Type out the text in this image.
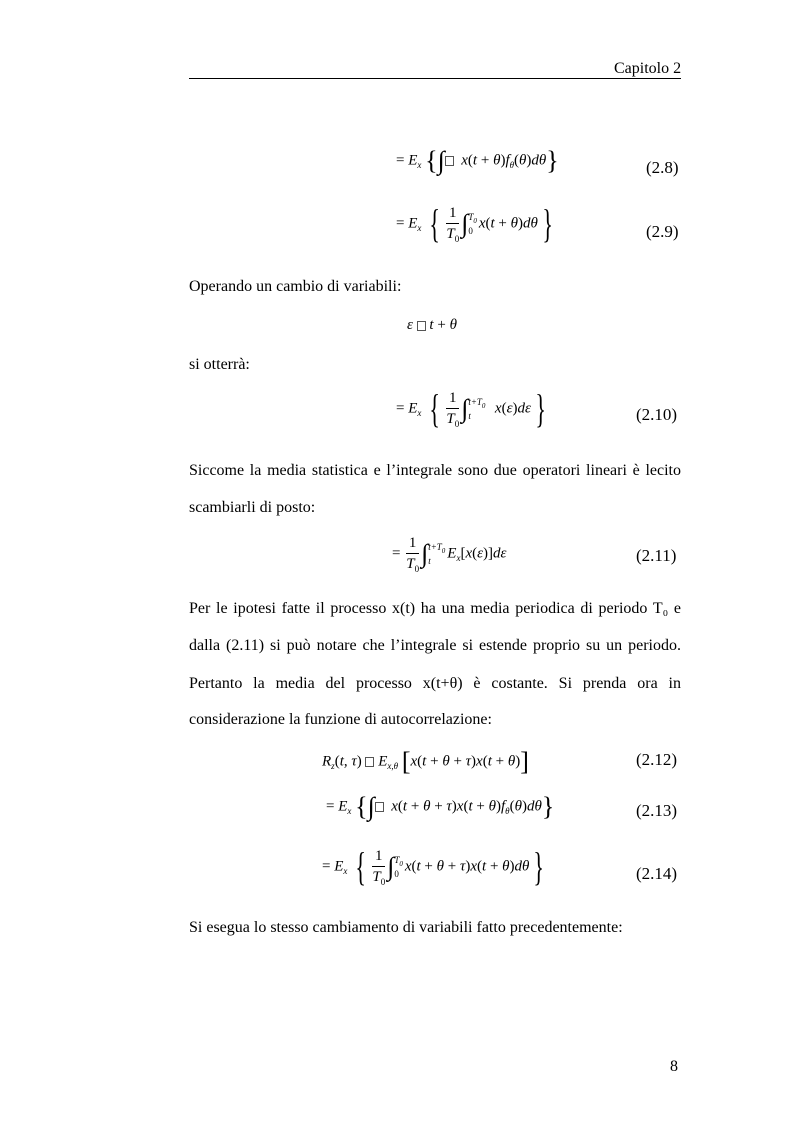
Capitolo 2
= $E_x$ {∫ $x(t + \theta)f_\theta(\theta)d\theta$}	(2.8)
= $E_x$ { $\frac{1}{T_0}$ ∫ $T_0$
0 x(t + θ)dθ }	(2.9)
Operando un cambio di variabili:
ε t + θ
si otterrà:
= $E_x$ { $\frac{1}{T_0}$ ∫ $t+T_0$
t	x(ε)dε }	(2.10)
Siccome la media statistica e l’integrale sono due operatori lineari è lecito
scambiarli di posto:
= $\frac{1}{T_0}$ ∫ $t+T_0$
t	$E_x[x(\varepsilon)]d\varepsilon$	(2.11)
Per le ipotesi fatte il processo x(t) ha una media periodica di periodo T₀ e
dalla (2.11) si può notare che l’integrale si estende proprio su un periodo.
Pertanto la media del processo x(t+θ) è costante. Si prenda ora in
considerazione la funzione di autocorrelazione:
$R_z(t$, τ)  $E_{x,\theta}$ [x(t + θ + τ)x(t + θ)]	(2.12)
= $E_x$ {∫ $x(t + \theta + \tau)x(t + \theta)f_\theta(\theta)d\theta$}	(2.13)
= $E_x$ { $\frac{1}{T_0}$ ∫ $T_0$
0 x(t + θ + τ)x(t + θ)dθ }	(2.14)
Si esegua lo stesso cambiamento di variabili fatto precedentemente:
8
